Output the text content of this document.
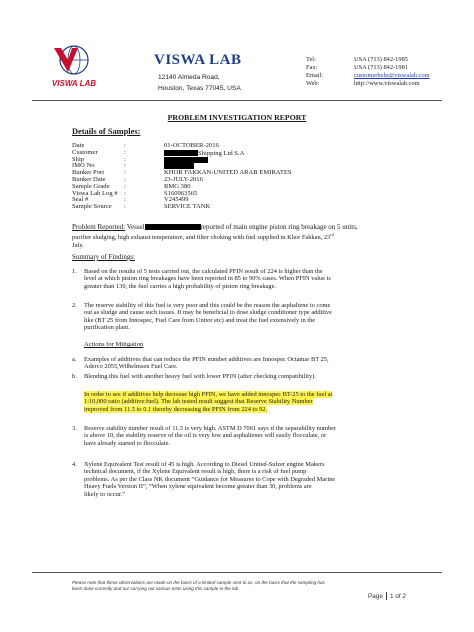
VISWA LAB
VISWA LAB
12140 Almeda Road,
Houston, Texas 77045, USA
Tel:	USA (713) 842-1985
Fax:	USA (713) 842-1981
Email:	customerhelp@viswalab.com
Web:	http://www.viswalab.com
PROBLEM INVESTIGATION REPORT
Details of Samples:
Date	:	01-OCTOBER-2016
Customer	:	Shipping Ltd S.A
Ship	:
IMO No	:
Bunker Port	:	KHOR FAKKAN-UNITED ARAB EMIRATES
Bunker Date	:	23-JULY-2016
Sample Grade :	RMG 380
Viswa Lab Log # :	S160963565
Seal #	:	V245499
Sample Source :	SERVICE TANK

Problem Reported: Vessel	reported of main engine piston ring breakage on 5 units,

purifier sludging, high exhaust temperature, and filter choking with fuel supplied in Khor Fakkan, 23rd

July.

Summary of Findings:
1. Based on the results of 5 tests carried out, the calculated PFIN result of 224 is higher than the

level at which piston ring breakages have been reported in 85 to 90% cases. When PFIN value is

greater than 130, the fuel carries a high probability of piston ring breakage.

2. The reserve stability of this fuel is very poor and this could be the reason the asphaltene to come

out as sludge and cause such issues. It may be beneficial to dose sludge conditioner type additive

like (BT 25 from Innospec, Fuel Care from Unitor etc) and treat the fuel extensively in the

purification plant.

Actions for Mitigation
a. Examples of additives that can reduce the PFIN number additives are Innospec Octamar BT 25,

Aderco 2055,Wilhelmsen Fuel Care.

b. Blending this fuel with another heavy fuel with lower PFIN (after checking compatibility).

In order to see if additives help decrease high PFIN, we have added innospec BT-25 to the fuel at

1:10,000 ratio (additive:fuel). The lab tested result suggest that Reserve Stability Number

improved from 11.5 to 0.1 thereby decreasing the PFIN from 224 to 92.

3. Reserve stability number result of 11.5 is very high. ASTM D 7061 says if the separability number

is above 10, the stability reserve of the oil is very low and asphaltenes will easily flocculate, or

have already started to flocculate.

4. Xylene Equivalent Test result of 45 is high. According to Diesel United-Sulzer engine Makers

technical document, if the Xylene Equivalent result is high, there is a risk of fuel pump

problems. As per the Class NK document “Guidance for Measures to Cope with Degraded Marine

Heavy Fuels Version II”, “When xylene equivalent become greater than 30, problems are

likely to occur.”

Please note that these observations are made on the basis of a limited sample sent to us, on the basis that the sampling has
been done correctly and our carrying out various tests using this sample in the lab
Page 1 of 2
